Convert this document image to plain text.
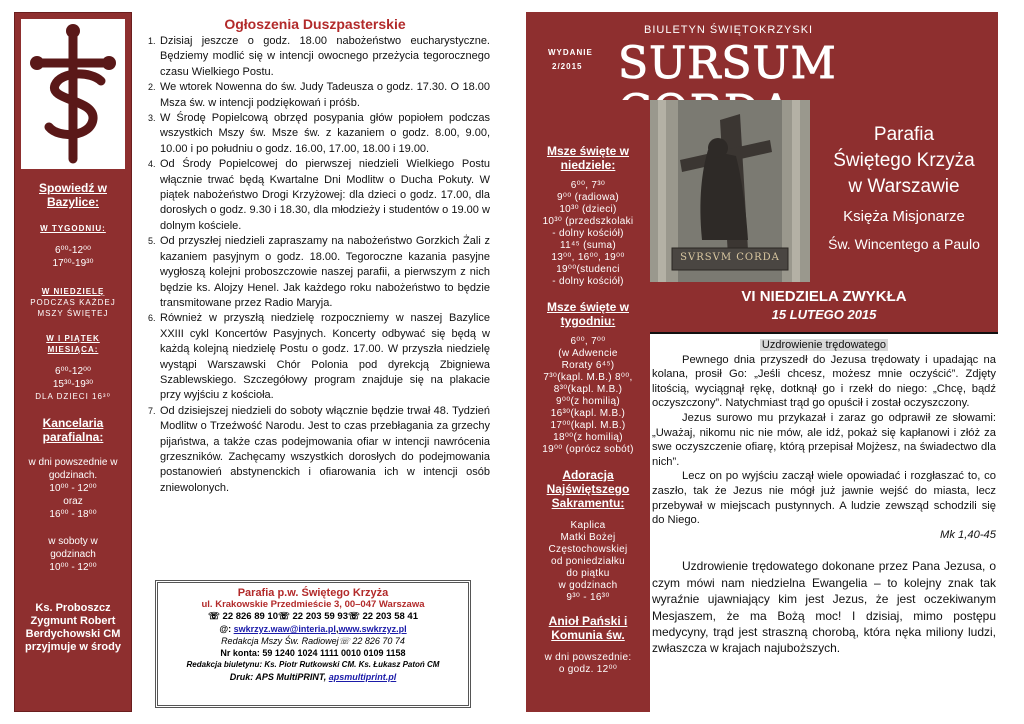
Spowiedź w Bazylice:
W TYGODNIU:
6⁰⁰-12⁰⁰
17⁰⁰-19³⁰
W NIEDZIELĘ
PODCZAS KAŻDEJ MSZY ŚWIĘTEJ
W I PIĄTEK MIESIĄCA:
6⁰⁰-12⁰⁰
15³⁰-19³⁰
DLA DZIECI 16³⁰
Kancelaria parafialna:
w dni powszednie w godzinach.
10⁰⁰ - 12⁰⁰
oraz
16⁰⁰ - 18⁰⁰
w soboty w godzinach
10⁰⁰ - 12⁰⁰
Ks. Proboszcz Zygmunt Robert Berdychowski CM przyjmuje w środy
Ogłoszenia Duszpasterskie
1. Dzisiaj jeszcze o godz. 18.00 nabożeństwo eucharystyczne. Będziemy modlić się w intencji owocnego przeżycia tegorocznego czasu Wielkiego Postu.
2. We wtorek Nowenna do św. Judy Tadeusza o godz. 17.30. O 18.00 Msza św. w intencji podziękowań i próśb.
3. W Środę Popielcową obrzęd posypania głów popiołem podczas wszystkich Mszy św. Msze św. z kazaniem o godz. 8.00, 9.00, 10.00 i po południu o godz. 16.00, 17.00, 18.00 i 19.00.
4. Od Środy Popielcowej do pierwszej niedzieli Wielkiego Postu włącznie trwać będą Kwartalne Dni Modlitw o Ducha Pokuty. W piątek nabożeństwo Drogi Krzyżowej: dla dzieci o godz. 17.00, dla dorosłych o godz. 9.30 i 18.30, dla młodzieży i studentów o 19.00 w dolnym kościele.
5. Od przyszłej niedzieli zapraszamy na nabożeństwo Gorzkich Żali z kazaniem pasyjnym o godz. 18.00. Tegoroczne kazania pasyjne wygłoszą kolejni proboszczowie naszej parafii, a pierwszym z nich będzie ks. Alojzy Henel. Jak każdego roku nabożeństwo to będzie transmitowane przez Radio Maryja.
6. Również w przyszłą niedzielę rozpoczniemy w naszej Bazylice XXIII cykl Koncertów Pasyjnych. Koncerty odbywać się będą w każdą kolejną niedzielę Postu o godz. 17.00. W przyszła niedzielę wystąpi Warszawski Chór Polonia pod dyrekcją Zbigniewa Szablewskiego. Szczegółowy program znajduje się na plakacie przy wyjściu z kościoła.
7. Od dzisiejszej niedzieli do soboty włącznie będzie trwał 48. Tydzień Modlitw o Trzeźwość Narodu. Jest to czas przebłagania za grzechy pijaństwa, a także czas podejmowania ofiar w intencji nawrócenia grzeszników. Zachęcamy wszystkich dorosłych do podejmowania postanowień abstynenckich i ofiarowania ich w intencji osób zniewolonych.
Parafia p.w. Świętego Krzyża
ul. Krakowskie Przedmieście 3, 00–047 Warszawa
☏ 22 826 89 10☏ 22 203 59 93☏ 22 203 58 41
@: swkrzyz.waw@interia.pl,www.swkrzyz.pl
Redakcja Mszy Św. Radiowej☏ 22 826 70 74
Nr konta: 59 1240 1024 1111 0010 0109 1158
Redakcja biuletynu: Ks. Piotr Rutkowski CM. Ks. Łukasz Patoń CM
Druk: APS MultiPRINT, apsmultiprint.pl
BIULETYN ŚWIĘTOKRZYSKI
WYDANIE
2/2015 SURSUM
Msze święte w niedziele:
6⁰⁰, 7³⁰
9⁰⁰ (radiowa)
10³⁰ (dzieci)
10³⁰ (przedszkolaki
- dolny kościół)
11⁴⁵ (suma)
13⁰⁰, 16⁰⁰, 19⁰⁰
19⁰⁰(studenci
- dolny kościół)
Msze święte w tygodniu:
6⁰⁰, 7⁰⁰
(w Adwencie
Roraty 6⁴⁵)
7³⁰(kapl. M.B.) 8⁰⁰,
8³⁰(kapl. M.B.)
9⁰⁰(z homilią)
16³⁰(kapl. M.B.)
17⁰⁰(kapl. M.B.)
18⁰⁰(z homilią)
19⁰⁰ (oprócz sobót)
Adoracja Najświętszego Sakramentu:
Kaplica
Matki Bożej
Częstochowskiej
od poniedziałku
do piątku
w godzinach
9³⁰ - 16³⁰
Anioł Pański i Komunia św.
w dni powszednie:
o godz. 12⁰⁰
SVRSVM CORDA
Parafia
Świętego Krzyża
w Warszawie
Księża Misjonarze
Św. Wincentego a Paulo
VI NIEDZIELA ZWYKŁA
15 LUTEGO 2015
Uzdrowienie trędowatego

Pewnego dnia przyszedł do Jezusa trędowaty i upadając na kolana, prosił Go: „Jeśli chcesz, możesz mnie oczyścić”. Zdjęty litością, wyciągnął rękę, dotknął go i rzekł do niego: „Chcę, bądź oczyszczony”. Natychmiast trąd go opuścił i został oczyszczony.

Jezus surowo mu przykazał i zaraz go odprawił ze słowami: „Uważaj, nikomu nic nie mów, ale idź, pokaż się kapłanowi i złóż za swe oczyszczenie ofiarę, którą przepisał Mojżesz, na świadectwo dla nich”.

Lecz on po wyjściu zaczął wiele opowiadać i rozgłaszać to, co zaszło, tak że Jezus nie mógł już jawnie wejść do miasta, lecz przebywał w miejscach pustynnych. A ludzie zewsząd schodzili się do Niego.

Mk 1,40-45

Uzdrowienie trędowatego dokonane przez Pana Jezusa, o czym mówi nam niedzielna Ewangelia – to kolejny znak tak wyraźnie ujawniający kim jest Jezus, że jest oczekiwanym Mesjaszem, że ma Bożą moc! I dzisiaj, mimo postępu medycyny, trąd jest straszną chorobą, która nęka miliony ludzi, zwłaszcza w krajach najuboższych.
